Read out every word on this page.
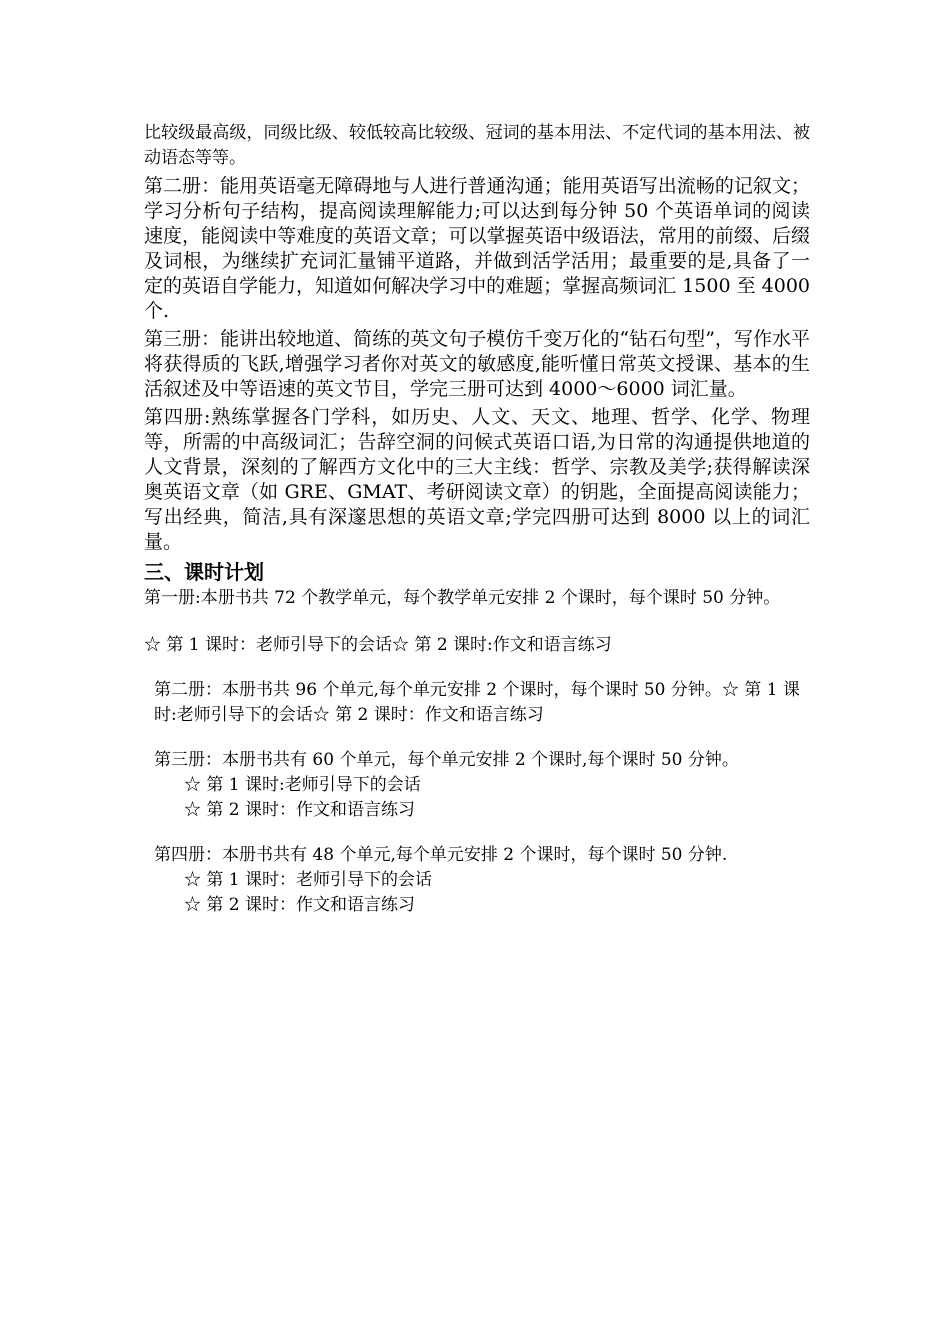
比较级最高级，同级比级、较低较高比较级、冠词的基本用法、不定代词的基本用法、被动语态等等。

第二册：能用英语毫无障碍地与人进行普通沟通；能用英语写出流畅的记叙文；学习分析句子结构，提高阅读理解能力;可以达到每分钟 50 个英语单词的阅读速度，能阅读中等难度的英语文章；可以掌握英语中级语法，常用的前缀、后缀及词根，为继续扩充词汇量铺平道路，并做到活学活用；最重要的是,具备了一定的英语自学能力，知道如何解决学习中的难题；掌握高频词汇 1500 至 4000 个.

第三册：能讲出较地道、简练的英文句子模仿千变万化的“钻石句型”，写作水平将获得质的飞跃,增强学习者你对英文的敏感度,能听懂日常英文授课、基本的生活叙述及中等语速的英文节目，学完三册可达到 4000～6000 词汇量。

第四册:熟练掌握各门学科，如历史、人文、天文、地理、哲学、化学、物理等，所需的中高级词汇；告辞空洞的问候式英语口语,为日常的沟通提供地道的人文背景，深刻的了解西方文化中的三大主线：哲学、宗教及美学;获得解读深奥英语文章（如 GRE、GMAT、考研阅读文章）的钥匙，全面提高阅读能力；写出经典，简洁,具有深邃思想的英语文章;学完四册可达到 8000 以上的词汇量。

三、课时计划

第一册:本册书共 72 个教学单元，每个教学单元安排 2 个课时，每个课时 50 分钟。

☆ 第 1 课时：老师引导下的会话☆ 第 2 课时:作文和语言练习

第二册：本册书共 96 个单元,每个单元安排 2 个课时，每个课时 50 分钟。☆ 第 1 课时:老师引导下的会话☆ 第 2 课时：作文和语言练习

第三册：本册书共有 60 个单元，每个单元安排 2 个课时,每个课时 50 分钟。

☆ 第 1 课时:老师引导下的会话

☆ 第 2 课时：作文和语言练习

第四册：本册书共有 48 个单元,每个单元安排 2 个课时，每个课时 50 分钟.

☆ 第 1 课时：老师引导下的会话

☆ 第 2 课时：作文和语言练习
